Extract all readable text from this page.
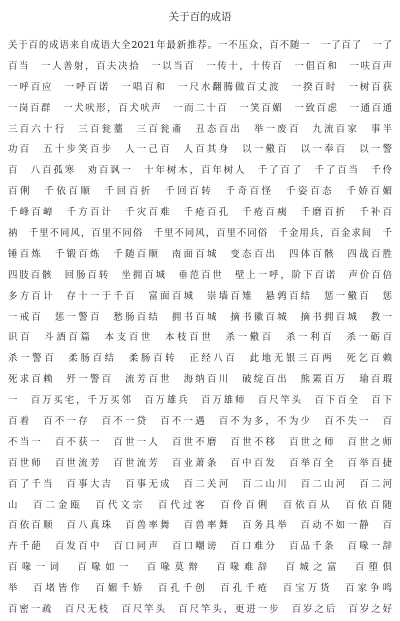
关于百的成语
关于百的成语来自成语大全2021年最新推荐。一不压众，百不随一　一了百了　一了
百当　一人善射，百夫决拾　一以当百　一传十，十传百　一倡百和　一呋百声
一呼百应　一呼百诺　一唱百和　一尺水翻腾做百丈波　一揆百时　一树百获
一岗百群　一犬吠形，百犬吠声　一而二十百　一笑百媚　一致百虑　一通百通
三百六十行　三百瓮虀　三百瓮齑　丑态百出　举一废百　九流百家　事半
功百　五十步笑百步　人一己百　人百其身　以一儆百　以一奉百　以一警
百　八百孤寒　劝百讽一　十年树木，百年树人　千了百了　千了百当　千伶
百俐　千依百顺　千回百折　千回百转　千奇百怪　千姿百态　千娇百媚
千峰百嶂　千方百计　千灾百难　千疮百孔　千疮百痍　千磨百折　千补百
衲　千里不同风，百里不同俗　千里不同风，百里不同俗　千金用兵，百金求间　千
锤百炼　千锻百炼　千随百顺　南面百城　变态百出　四体百骸　四战百胜
四肢百骸　回肠百转　坐拥百城　垂范百世　壁上一呼，阶下百诺　声价百倍
多方百计　存十一于千百　富面百城　崇墙百雉　悬鹑百结　惩一儆百　惩
一戒百　惩一警百　愁肠百结　拥书百城　摘书徽百城　摘书拥百城　教一
识百　斗酒百篇　本支百世　本枝百世　杀一儆百　杀一利百　杀一砺百
杀一警百　柔肠百结　柔肠百转　正经八百　此地无银三百两　死乞百赖
死求百赖　歼一警百　流芳百世　海纳百川　破绽百出　熊罴百万　瑜百瑕
一　百万买宅，千万买邻　百万雄兵　百万雄师　百尺竿头　百下百全　百下
百着　百不一存　百不一贷　百不一遇　百不为多，不为少　百不失一　百
不当一　百不获一　百世一人　百世不磨　百世不移　百世之师　百世之师
百世师　百世流芳　百世流芳　百业萧条　百中百发　百举百全　百举百捷
百了千当　百事大吉　百事无成　百二关河　百二山川　百二山河　百二河
山　百二金瓯　百代文宗　百代过客　百伶百俐　百依百从　百依百随
百依百顺　百八真珠　百兽率舞　百兽率舞　百务具举　百动不如一静　百
卉千葩　百发百中　百口同声　百口嘲谤　百口难分　百品千条　百喙一辞
百喙一词　百喙如一　百喙莫辩　百喙难辞　百城之富　百堕俱
举　百堵皆作　百媚千娇　百孔千创　百孔千疮　百宝万货　百家争鸣
百密一疏　百尺无枝　百尺竿头　百尺竿头，更进一步　百岁之后　百岁之好
